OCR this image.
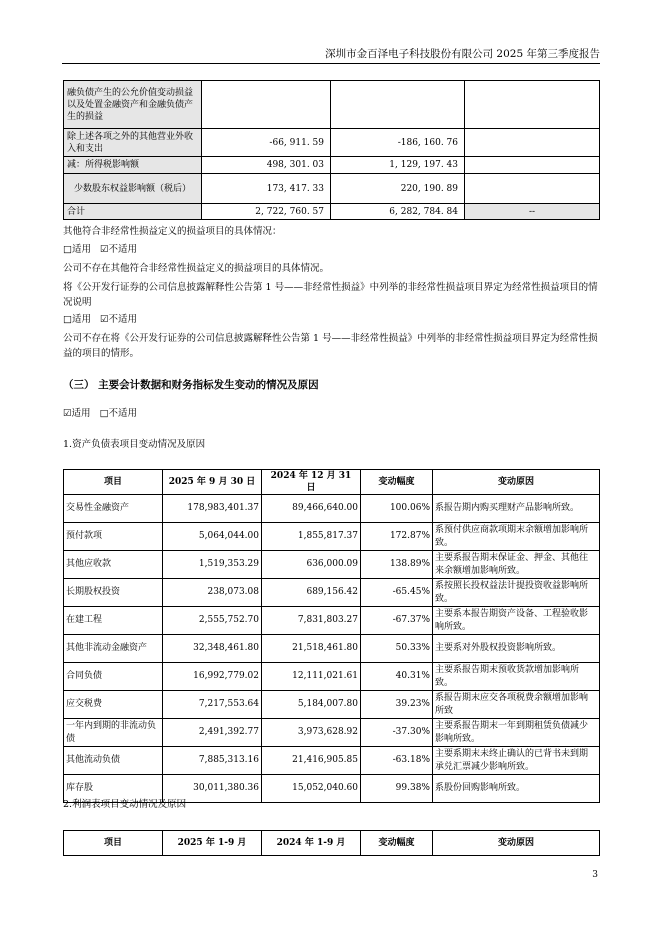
深圳市金百泽电子科技股份有限公司 2025 年第三季度报告
融负债产生的公允价值变动损益以及处置金融资产和金融负债产生的损益			
除上述各项之外的其他营业外收入和支出	-66, 911. 59	-186, 160. 76	
减：所得税影响额	498, 301. 03	1, 129, 197. 43	
少数股东权益影响额（税后）	173, 417. 33	220, 190. 89	
合计	2, 722, 760. 57	6, 282, 784. 84	--
其他符合非经常性损益定义的损益项目的具体情况：
□适用 ☑不适用
公司不存在其他符合非经常性损益定义的损益项目的具体情况。
将《公开发行证券的公司信息披露解释性公告第 1 号——非经常性损益》中列举的非经常性损益项目界定为经常性损益项目的情况说明
□适用 ☑不适用
公司不存在将《公开发行证券的公司信息披露解释性公告第 1 号——非经常性损益》中列举的非经常性损益项目界定为经常性损益的项目的情形。
（三） 主要会计数据和财务指标发生变动的情况及原因
☑适用 □不适用
1.资产负债表项目变动情况及原因
项目	2025 年 9 月 30 日	2024 年 12 月 31 日	变动幅度	变动原因
交易性金融资产	178,983,401.37	89,466,640.00	100.06%	系报告期内购买理财产品影响所致。
预付款项	5,064,044.00	1,855,817.37	172.87%	系预付供应商款项期末余额增加影响所致。
其他应收款	1,519,353.29	636,000.09	138.89%	主要系报告期末保证金、押金、其他往来余额增加影响所致。
长期股权投资	238,073.08	689,156.42	-65.45%	系按照长投权益法计提投资收益影响所致。
在建工程	2,555,752.70	7,831,803.27	-67.37%	主要系本报告期资产设备、工程验收影响所致。
其他非流动金融资产	32,348,461.80	21,518,461.80	50.33%	主要系对外股权投资影响所致。
合同负债	16,992,779.02	12,111,021.61	40.31%	主要系报告期末预收货款增加影响所致。
应交税费	7,217,553.64	5,184,007.80	39.23%	系报告期末应交各项税费余额增加影响所致
一年内到期的非流动负债	2,491,392.77	3,973,628.92	-37.30%	主要系报告期末一年到期租赁负债减少影响所致。
其他流动负债	7,885,313.16	21,416,905.85	-63.18%	主要系期末未终止确认的已背书未到期承兑汇票减少影响所致。
库存股	30,011,380.36	15,052,040.60	99.38%	系股份回购影响所致。
2.利润表项目变动情况及原因
项目	2025 年 1-9 月	2024 年 1-9 月	变动幅度	变动原因
3
